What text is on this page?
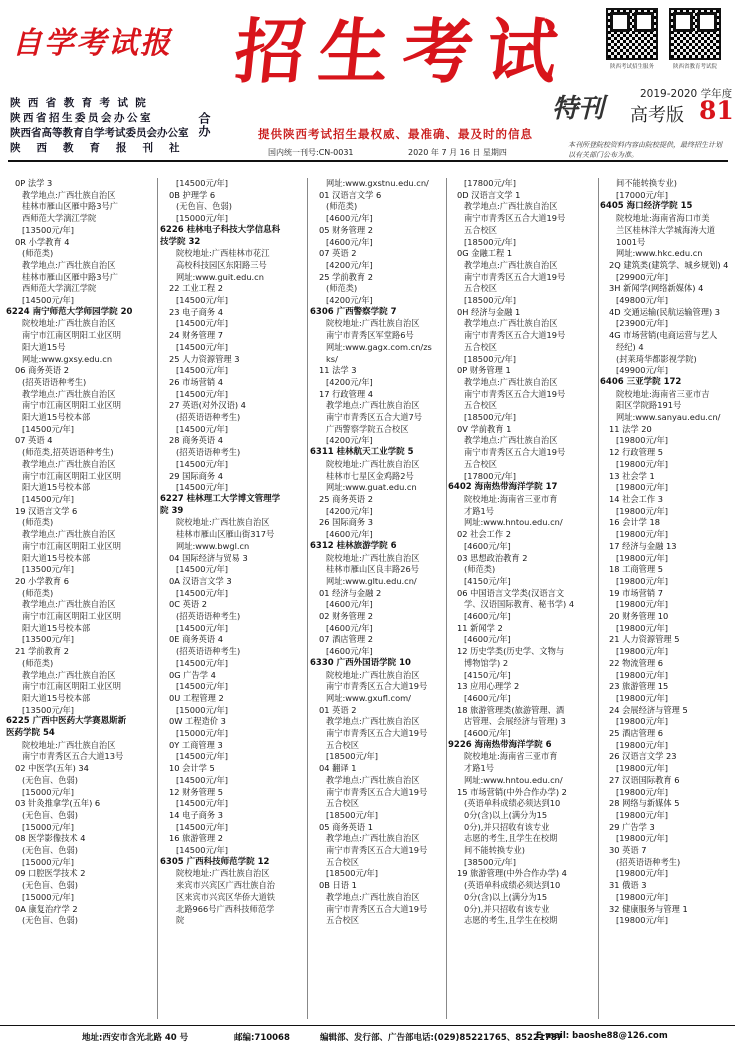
自学考试报 招生考试	陕西考试招生服务	陕西省教育考试院
特刊	2019-2020 学年度
高考版 81
陕西省教育考试院
陕西省招生委员会办公室
陕西省高等教育自学考试委员会办公室
陕西教育报刊社
合办	提供陕西考试招生最权威、最准确、最及时的信息
国内统一刊号:CN-0031	2020 年 7 月 16 日 星期四
本刊所登院校资料内容由院校提供，最终招生计划以有关部门公布为准。
0P 法学 3
教学地点:广西壮族自治区
桂林市雁山区雁中路3号广
西师范大学漓江学院
[13500元/年]
0R 小学教育 4
(师范类)
教学地点:广西壮族自治区
桂林市雁山区雁中路3号广
西师范大学漓江学院
[14500元/年]
6224 南宁师范大学师园学院 20
院校地址:广西壮族自治区
南宁市江南区明阳工业区明
阳大道15号
网址:www.gxsy.edu.cn
06 商务英语 2
(招英语语种考生)
教学地点:广西壮族自治区
南宁市江南区明阳工业区明
阳大道15号校本部
[14500元/年]
07 英语 4
(师范类,招英语语种考生)
教学地点:广西壮族自治区
南宁市江南区明阳工业区明
阳大道15号校本部
[14500元/年]
19 汉语言文学 6
(师范类)
教学地点:广西壮族自治区
南宁市江南区明阳工业区明
阳大道15号校本部
[13500元/年]
20 小学教育 6
(师范类)
教学地点:广西壮族自治区
南宁市江南区明阳工业区明
阳大道15号校本部
[13500元/年]
21 学前教育 2
(师范类)
教学地点:广西壮族自治区
南宁市江南区明阳工业区明
阳大道15号校本部
[13500元/年]
6225 广西中医药大学赛恩斯新
医药学院 54
院校地址:广西壮族自治区
南宁市青秀区五合大道13号
02 中医学(五年) 34
(无色盲、色弱)
[15000元/年]
03 针灸推拿学(五年) 6
(无色盲、色弱)
[15000元/年]
08 医学影像技术 4
(无色盲、色弱)
[15000元/年]
09 口腔医学技术 2
(无色盲、色弱)
[15000元/年]
0A 康复治疗学 2
(无色盲、色弱)
[14500元/年]
0B 护理学 6
(无色盲、色弱)
[15000元/年]
6226 桂林电子科技大学信息科
技学院 32
院校地址:广西桂林市花江
高校科技园区东阳路三号
网址:www.guit.edu.cn
22 工业工程 2
[14500元/年]
23 电子商务 4
[14500元/年]
24 财务管理 7
[14500元/年]
25 人力资源管理 3
[14500元/年]
26 市场营销 4
[14500元/年]
27 英语(对外汉语) 4
(招英语语种考生)
[14500元/年]
28 商务英语 4
(招英语语种考生)
[14500元/年]
29 国际商务 4
[14500元/年]
6227 桂林理工大学博文管理学
院 39
院校地址:广西壮族自治区
桂林市雁山区雁山街317号
网址:www.bwgl.cn
04 国际经济与贸易 3
[14500元/年]
0A 汉语言文学 3
[14500元/年]
0C 英语 2
(招英语语种考生)
[14500元/年]
0E 商务英语 4
(招英语语种考生)
[14500元/年]
0G 广告学 4
[14500元/年]
0U 工程管理 2
[15000元/年]
0W 工程造价 3
[15000元/年]
0Y 工商管理 3
[14500元/年]
10 会计学 5
[14500元/年]
12 财务管理 5
[14500元/年]
14 电子商务 3
[14500元/年]
16 旅游管理 2
[14500元/年]
6305 广西科技师范学院 12
院校地址:广西壮族自治区
来宾市兴宾区广西壮族自治
区来宾市兴宾区华侨大道铁
北路966号广西科技师范学
院
网址:www.gxstnu.edu.cn/
01 汉语言文学 6
(师范类)
[4600元/年]
05 财务管理 2
[4600元/年]
07 英语 2
[4200元/年]
25 学前教育 2
(师范类)
[4200元/年]
6306 广西警察学院 7
院校地址:广西壮族自治区
南宁市青秀区军堂路6号
网址:www.gagx.com.cn/zs
ks/
11 法学 3
[4200元/年]
17 行政管理 4
教学地点:广西壮族自治区
南宁市青秀区五合大道7号
广西警察学院五合校区
[4200元/年]
6311 桂林航天工业学院 5
院校地址:广西壮族自治区
桂林市七星区金鸡路2号
网址:www.guat.edu.cn
25 商务英语 2
[4200元/年]
26 国际商务 3
[4600元/年]
6312 桂林旅游学院 6
院校地址:广西壮族自治区
桂林市雁山区良丰路26号
网址:www.gltu.edu.cn/
01 经济与金融 2
[4600元/年]
02 财务管理 2
[4600元/年]
07 酒店管理 2
[4600元/年]
6330 广西外国语学院 10
院校地址:广西壮族自治区
南宁市青秀区五合大道19号
网址:www.gxufl.com/
01 英语 2
教学地点:广西壮族自治区
南宁市青秀区五合大道19号
五合校区
[18500元/年]
04 翻译 1
教学地点:广西壮族自治区
南宁市青秀区五合大道19号
五合校区
[18500元/年]
05 商务英语 1
教学地点:广西壮族自治区
南宁市青秀区五合大道19号
五合校区
[18500元/年]
0B 日语 1
教学地点:广西壮族自治区
南宁市青秀区五合大道19号
五合校区
[17800元/年]
0D 汉语言文学 1
教学地点:广西壮族自治区
南宁市青秀区五合大道19号
五合校区
[18500元/年]
0G 金融工程 1
教学地点:广西壮族自治区
南宁市青秀区五合大道19号
五合校区
[18500元/年]
0H 经济与金融 1
教学地点:广西壮族自治区
南宁市青秀区五合大道19号
五合校区
[18500元/年]
0P 财务管理 1
教学地点:广西壮族自治区
南宁市青秀区五合大道19号
五合校区
[18500元/年]
0V 学前教育 1
教学地点:广西壮族自治区
南宁市青秀区五合大道19号
五合校区
[17800元/年]
6402 海南热带海洋学院 17
院校地址:海南省三亚市育
才路1号
网址:www.hntou.edu.cn/
02 社会工作 2
[4600元/年]
03 思想政治教育 2
(师范类)
[4150元/年]
06 中国语言文学类(汉语言文
学、汉语国际教育、秘书学) 4
[4600元/年]
11 新闻学 2
[4600元/年]
12 历史学类(历史学、文物与
博物馆学) 2
[4150元/年]
13 应用心理学 2
[4600元/年]
18 旅游管理类(旅游管理、酒
店管理、会展经济与管理) 3
[4600元/年]
9226 海南热带海洋学院 6
院校地址:海南省三亚市育
才路1号
网址:www.hntou.edu.cn/
15 市场营销(中外合作办学) 2
(英语单科成绩必须达到10
0分(含)以上(满分为15
0分),并只招收有该专业
志愿的考生,且学生在校期
间不能转换专业)
[38500元/年]
19 旅游管理(中外合作办学) 4
(英语单科成绩必须达到10
0分(含)以上(满分为15
0分),并只招收有该专业
志愿的考生,且学生在校期
间不能转换专业)
[17000元/年]
6405 海口经济学院 15
院校地址:海南省海口市美
兰区桂林洋大学城海涛大道
1001号
网址:www.hkc.edu.cn
2Q 建筑类(建筑学、城乡规划) 4
[29900元/年]
3H 新闻学(网络新媒体) 4
[49800元/年]
4D 交通运输(民航运输管理) 3
[23900元/年]
4G 市场营销(电商运营与艺人
经纪) 4
(封莱琦华都影视学院)
[49900元/年]
6406 三亚学院 172
院校地址:海南省三亚市吉
阳区学院路191号
网址:www.sanyau.edu.cn/
11 法学 20
[19800元/年]
12 行政管理 5
[19800元/年]
13 社会学 1
[19800元/年]
14 社会工作 3
[19800元/年]
16 会计学 18
[19800元/年]
17 经济与金融 13
[19800元/年]
18 工商管理 5
[19800元/年]
19 市场营销 7
[19800元/年]
20 财务管理 10
[19800元/年]
21 人力资源管理 5
[19800元/年]
22 物流管理 6
[19800元/年]
23 旅游管理 15
[19800元/年]
24 会展经济与管理 5
[19800元/年]
25 酒店管理 6
[19800元/年]
26 汉语言文学 23
[19800元/年]
27 汉语国际教育 6
[19800元/年]
28 网络与新媒体 5
[19800元/年]
29 广告学 3
[19800元/年]
30 英语 7
(招英语语种考生)
[19800元/年]
31 俄语 3
[19800元/年]
32 健康服务与管理 1
[19800元/年]
地址:西安市含光北路 40 号	邮编:710068	编辑部、发行部、广告部电话:(029)85221765、85221787
E-mail: baoshe88@126.com
